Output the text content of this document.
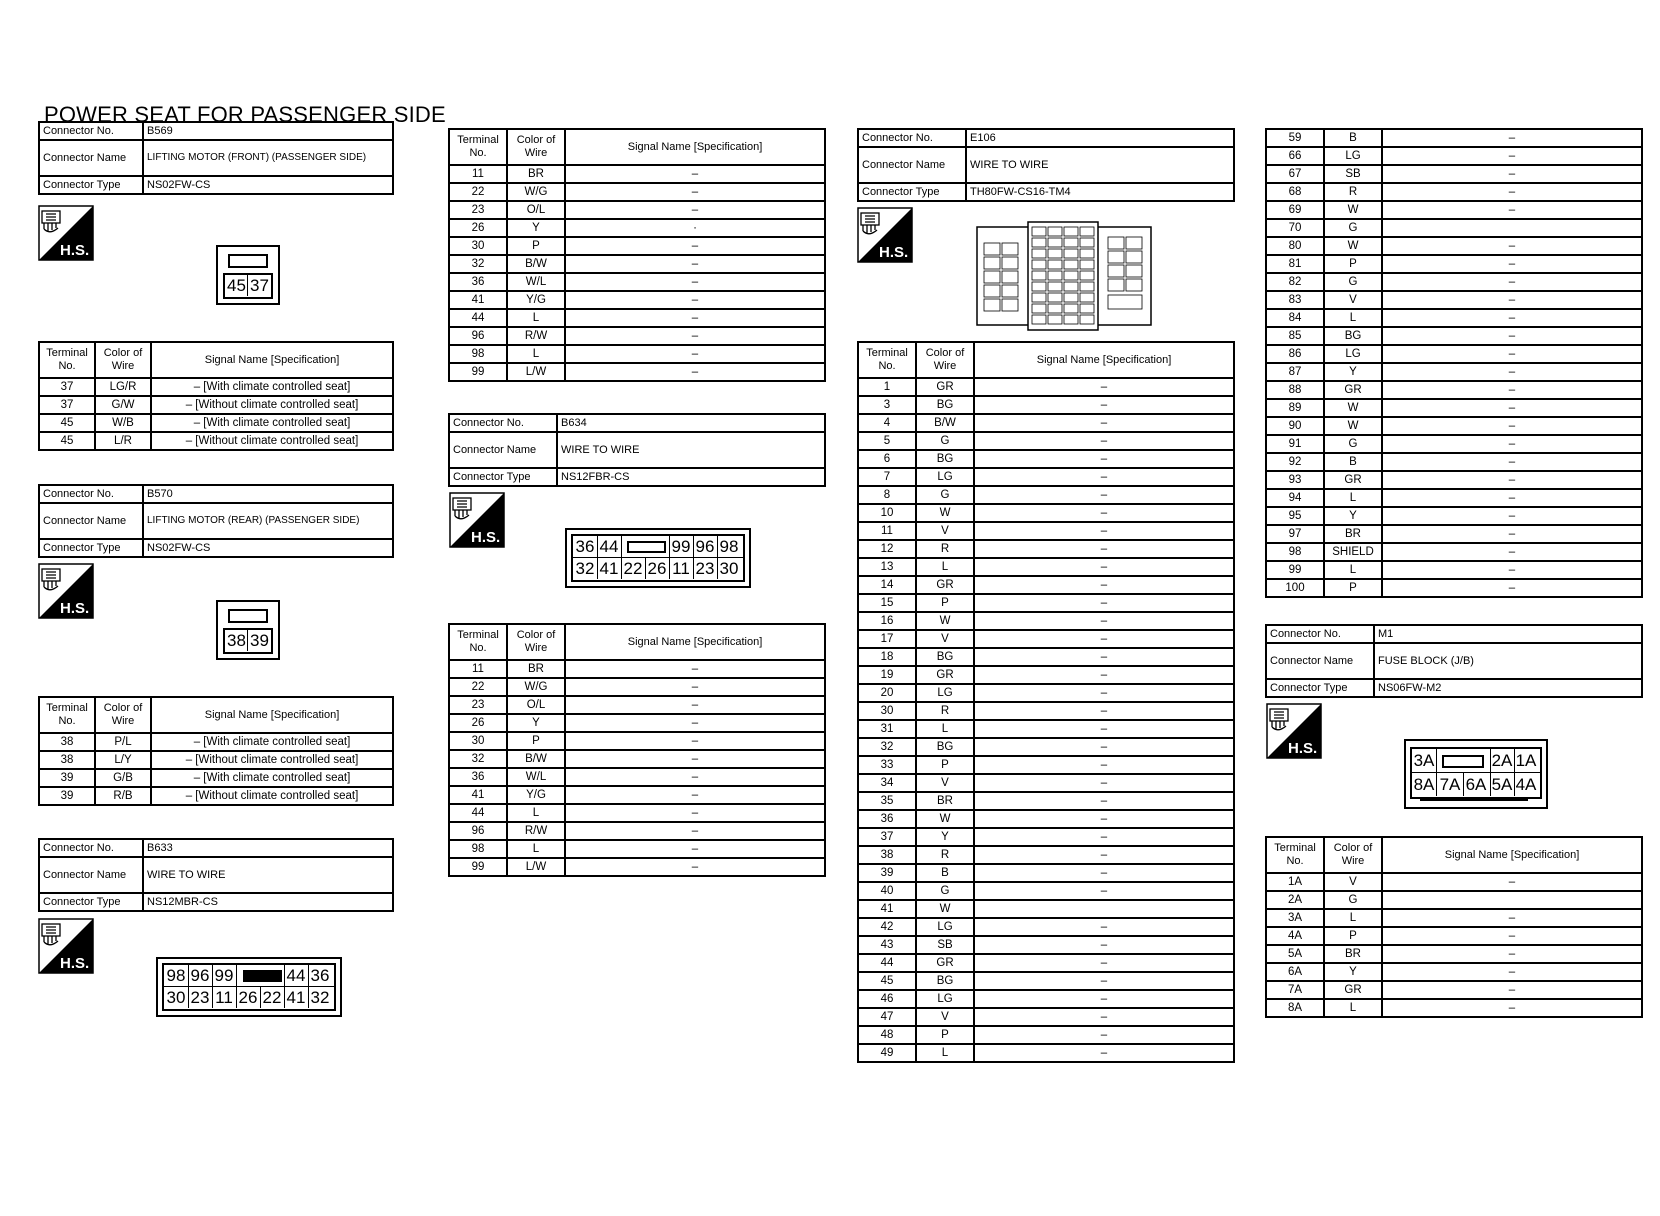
POWER SEAT FOR PASSENGER SIDE
Connector No.	B569
Connector Name	LIFTING MOTOR (FRONT) (PASSENGER SIDE)
Connector Type	NS02FW-CS
H.S.
45 37
Terminal No.	Color of Wire	Signal Name [Specification]
37	LG/R	– [With climate controlled seat]
37	G/W	– [Without climate controlled seat]
45	W/B	– [With climate controlled seat]
45	L/R	– [Without climate controlled seat]
Connector No.	B570
Connector Name	LIFTING MOTOR (REAR) (PASSENGER SIDE)
Connector Type	NS02FW-CS
H.S.
38 39
Terminal No.	Color of Wire	Signal Name [Specification]
38	P/L	– [With climate controlled seat]
38	L/Y	– [Without climate controlled seat]
39	G/B	– [With climate controlled seat]
39	R/B	– [Without climate controlled seat]
Connector No.	B633
Connector Name	WIRE TO WIRE
Connector Type	NS12MBR-CS
H.S.
98 96 99	44 36
30 23 11 26 22 41 32
Terminal No.	Color of Wire	Signal Name [Specification]
11	BR	–
22	W/G	–
23	O/L	–
26	Y	·
30	P	–
32	B/W	–
36	W/L	–
41	Y/G	–
44	L	–
96	R/W	–
98	L	–
99	L/W	–
Connector No.	B634
Connector Name	WIRE TO WIRE
Connector Type	NS12FBR-CS
H.S.	36 44	99 96 98
32 41 22 26 11 23 30
Terminal No.	Color of Wire	Signal Name [Specification]
11	BR	–
22	W/G	–
23	O/L	–
26	Y	–
30	P	–
32	B/W	–
36	W/L	–
41	Y/G	–
44	L	–
96	R/W	–
98	L	–
99	L/W	–
Connector No.	E106
Connector Name	WIRE TO WIRE
Connector Type	TH80FW-CS16-TM4
H.S.
Terminal No.	Color of Wire	Signal Name [Specification]
1	GR	–
3	BG	–
4	B/W	–
5	G	–
6	BG	–
7	LG	–
8	G	–
10	W	–
11	V	–
12	R	–
13	L	–
14	GR	–
15	P	–
16	W	–
17	V	–
18	BG	–
19	GR	–
20	LG	–
30	R	–
31	L	–
32	BG	–
33	P	–
34	V	–
35	BR	–
36	W	–
37	Y	–
38	R	–
39	B	–
40	G	–
41	W	
42	LG	–
43	SB	–
44	GR	–
45	BG	–
46	LG	–
47	V	–
48	P	–
49	L	–
59	B	–
66	LG	–
67	SB	–
68	R	–
69	W	–
70	G	
80	W	–
81	P	–
82	G	–
83	V	–
84	L	–
85	BG	–
86	LG	–
87	Y	–
88	GR	–
89	W	–
90	W	–
91	G	–
92	B	–
93	GR	–
94	L	–
95	Y	–
97	BR	–
98	SHIELD	–
99	L	–
100	P	–
Connector No.	M1
Connector Name	FUSE BLOCK (J/B)
Connector Type	NS06FW-M2
H.S.
3A	2A 1A
8A 7A 6A 5A 4A
Terminal No.	Color of Wire	Signal Name [Specification]
1A	V	–
2A	G	
3A	L	–
4A	P	–
5A	BR	–
6A	Y	–
7A	GR	–
8A	L	–
